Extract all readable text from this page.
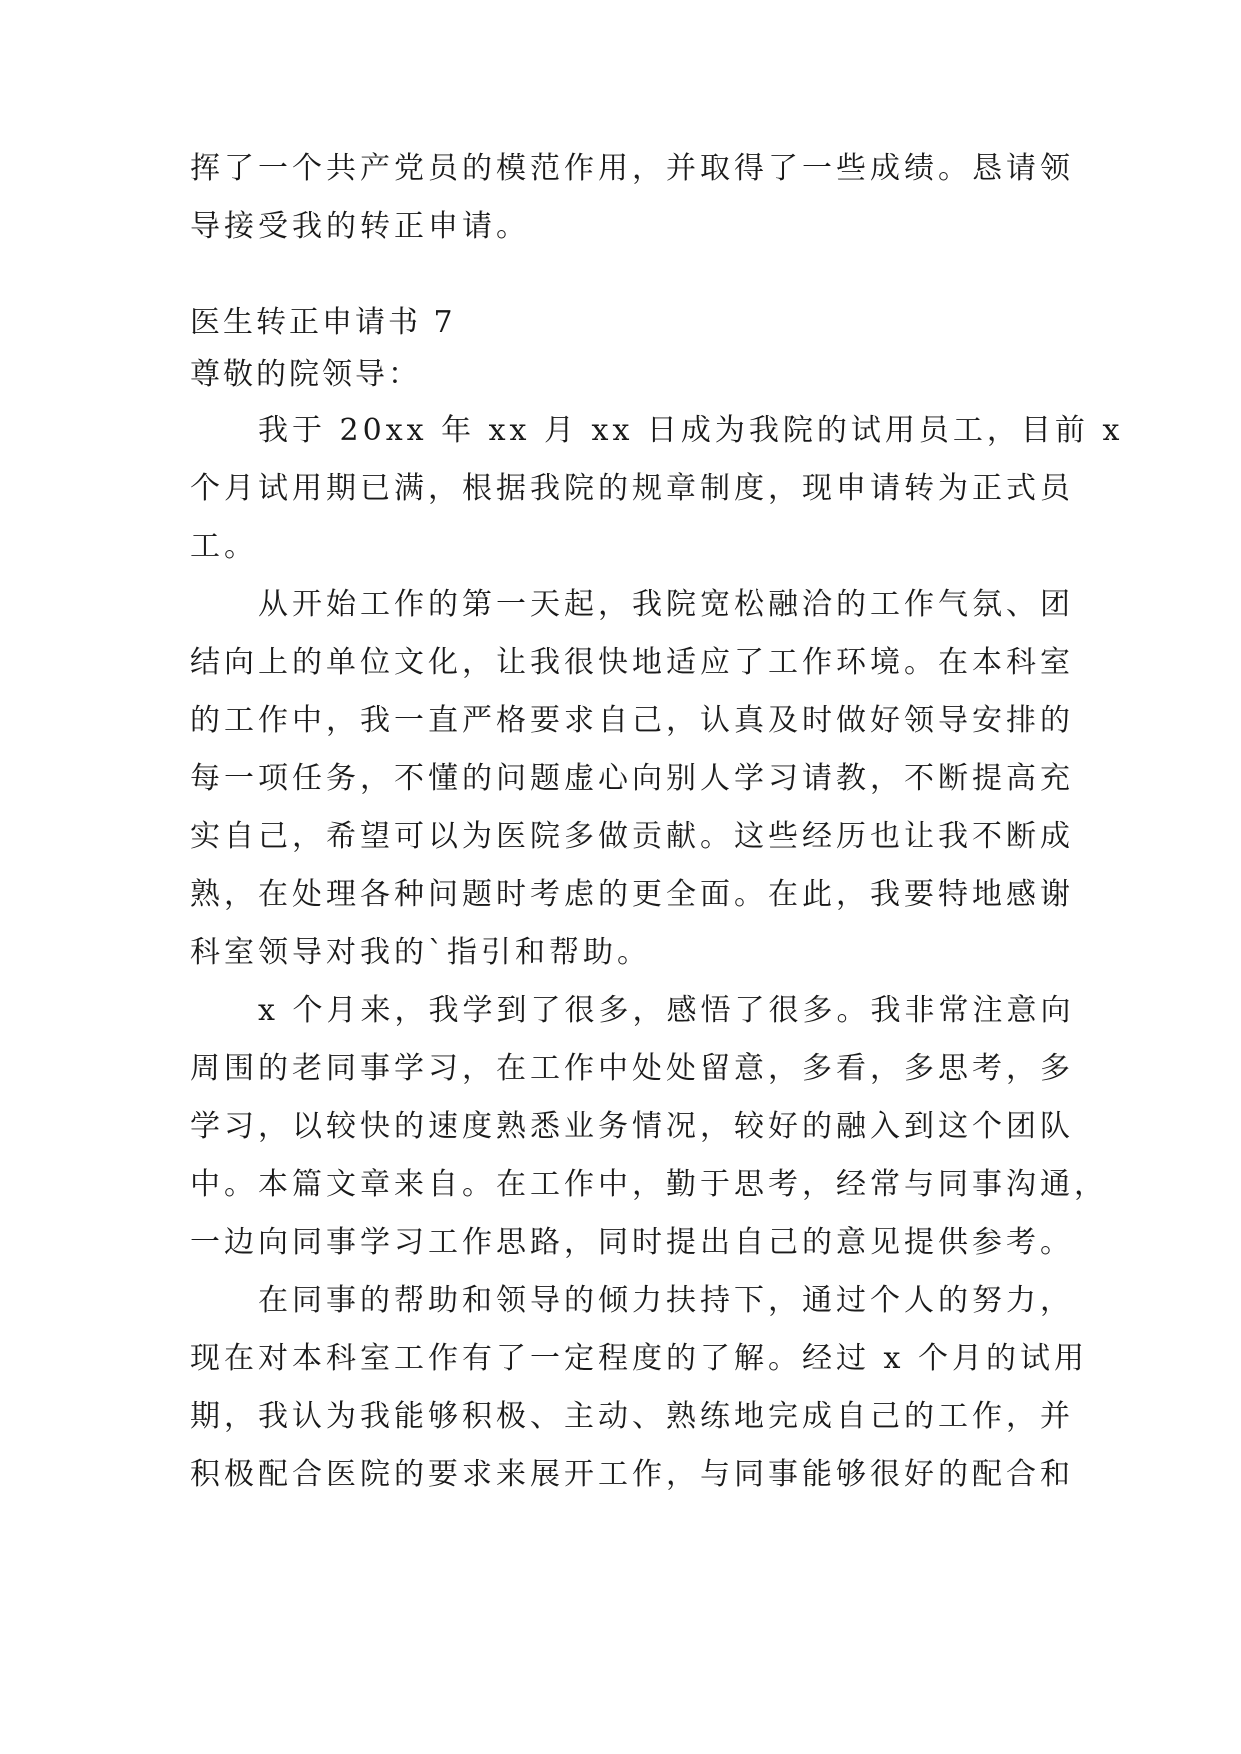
挥了一个共产党员的模范作用，并取得了一些成绩。恳请领
导接受我的转正申请。
医生转正申请书 7
尊敬的院领导：
　　我于 20xx 年 xx 月 xx 日成为我院的试用员工，目前 x
个月试用期已满，根据我院的规章制度，现申请转为正式员
工。
　　从开始工作的第一天起，我院宽松融洽的工作气氛、团
结向上的单位文化，让我很快地适应了工作环境。在本科室
的工作中，我一直严格要求自己，认真及时做好领导安排的
每一项任务，不懂的问题虚心向别人学习请教，不断提高充
实自己，希望可以为医院多做贡献。这些经历也让我不断成
熟，在处理各种问题时考虑的更全面。在此，我要特地感谢
科室领导对我的`指引和帮助。
　　x 个月来，我学到了很多，感悟了很多。我非常注意向
周围的老同事学习，在工作中处处留意，多看，多思考，多
学习，以较快的速度熟悉业务情况，较好的融入到这个团队
中。本篇文章来自。在工作中，勤于思考，经常与同事沟通，
一边向同事学习工作思路，同时提出自己的意见提供参考。
　　在同事的帮助和领导的倾力扶持下，通过个人的努力，
现在对本科室工作有了一定程度的了解。经过 x 个月的试用
期，我认为我能够积极、主动、熟练地完成自己的工作，并
积极配合医院的要求来展开工作，与同事能够很好的配合和
